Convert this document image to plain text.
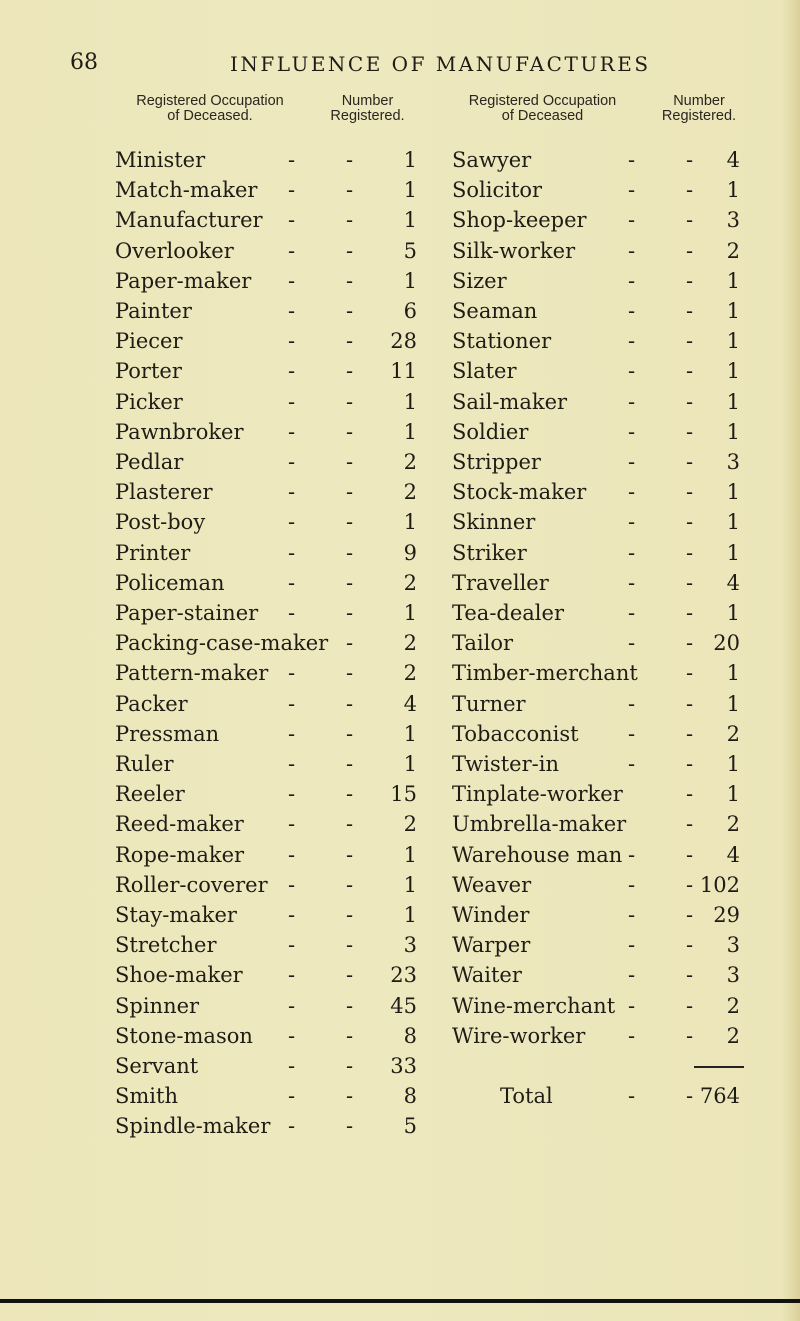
68	INFLUENCE OF MANUFACTURES
Registered Occupation
of Deceased.
Number
Registered.
Registered Occupation
of Deceased
Number
Registered.
Minister	- -	1 Sawyer	- -	4
Match-maker - -	1 Solicitor	- -	1
Manufacturer - -	1 Shop-keeper - -	3
Overlooker	- -	5 Silk-worker	- -	2
Paper-maker - -	1 Sizer	- -	1
Painter	- -	6 Seaman	- -	1
Piecer	- -	28 Stationer	- -	1
Porter	- -	11 Slater	- -	1
Picker	- -	1 Sail-maker	- -	1
Pawnbroker - -	1 Soldier	- -	1
Pedlar	- -	2 Stripper	- -	3
Plasterer	- -	2 Stock-maker - -	1
Post-boy	- -	1 Skinner	- -	1
Printer	- -	9 Striker	- -	1
Policeman	- -	2 Traveller	- -	4
Paper-stainer - -	1 Tea-dealer	- -	1
Packing-case-maker -	2 Tailor	- - 20
Pattern-maker - -	2 Timber-merchant -	1
Packer	- -	4 Turner	- -	1
Pressman	- -	1 Tobacconist - -	2
Ruler	- -	1 Twister-in	- -	1
Reeler	- -	15 Tinplate-worker	-	1
Reed-maker - -	2 Umbrella-maker	-	2
Rope-maker - -	1 Warehouse man - -	4
Roller-coverer - -	1 Weaver	- - 102
Stay-maker - -	1 Winder	- - 29
Stretcher	- -	3 Warper	- -	3
Shoe-maker - -	23 Waiter	- -	3
Spinner	- -	45 Wine-merchant - -	2
Stone-mason - -	8 Wire-worker - -	2
Servant	- -	33
Smith	- -	8	Total	- - 764
Spindle-maker - -	5
